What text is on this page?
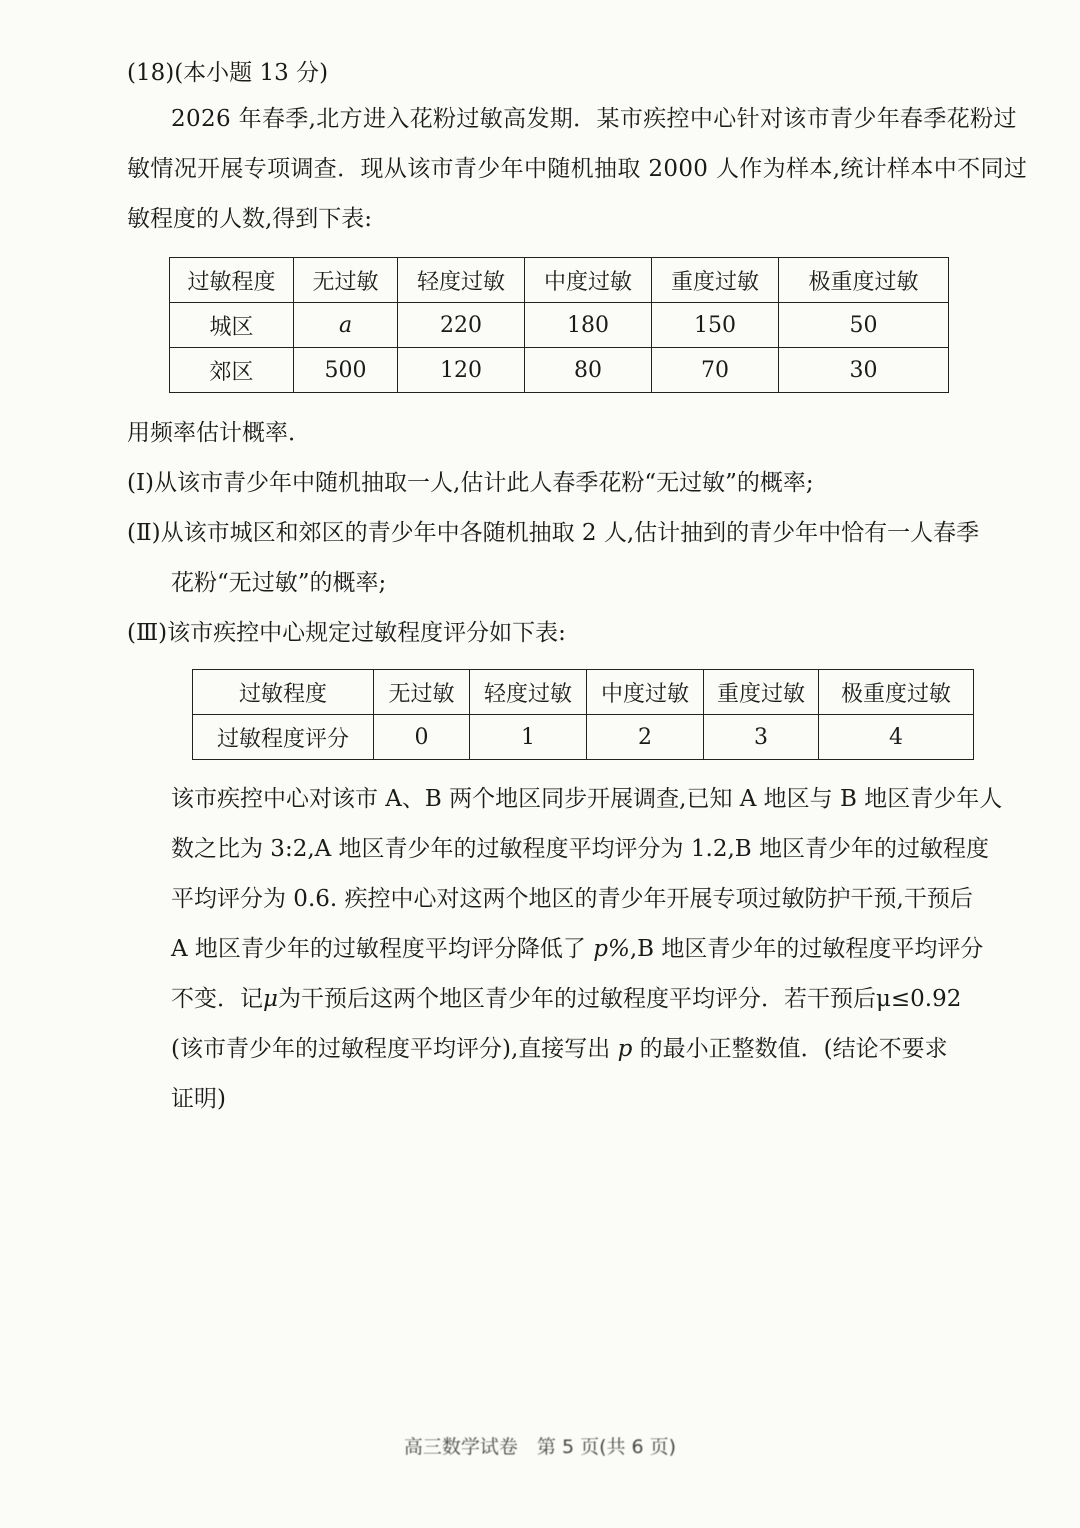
(18)(本小题 13 分)
2026 年春季,北方进入花粉过敏高发期．某市疾控中心针对该市青少年春季花粉过
敏情况开展专项调查．现从该市青少年中随机抽取 2000 人作为样本,统计样本中不同过
敏程度的人数,得到下表:
过敏程度	无过敏	轻度过敏	中度过敏	重度过敏	极重度过敏
城区	a	220	180	150	50
郊区	500	120	80	70	30
用频率估计概率．
(Ⅰ)从该市青少年中随机抽取一人,估计此人春季花粉“无过敏”的概率;
(Ⅱ)从该市城区和郊区的青少年中各随机抽取 2 人,估计抽到的青少年中恰有一人春季
花粉“无过敏”的概率;
(Ⅲ)该市疾控中心规定过敏程度评分如下表:
过敏程度	无过敏	轻度过敏	中度过敏	重度过敏	极重度过敏
过敏程度评分	0	1	2	3	4
该市疾控中心对该市 A、B 两个地区同步开展调查,已知 A 地区与 B 地区青少年人
数之比为 3:2,A 地区青少年的过敏程度平均评分为 1.2,B 地区青少年的过敏程度
平均评分为 0.6. 疾控中心对这两个地区的青少年开展专项过敏防护干预,干预后
A 地区青少年的过敏程度平均评分降低了 p%,B 地区青少年的过敏程度平均评分
不变．记μ为干预后这两个地区青少年的过敏程度平均评分．若干预后μ≤0.92
(该市青少年的过敏程度平均评分),直接写出 p 的最小正整数值．(结论不要求
证明)
高三数学试卷　第 5 页(共 6 页)
